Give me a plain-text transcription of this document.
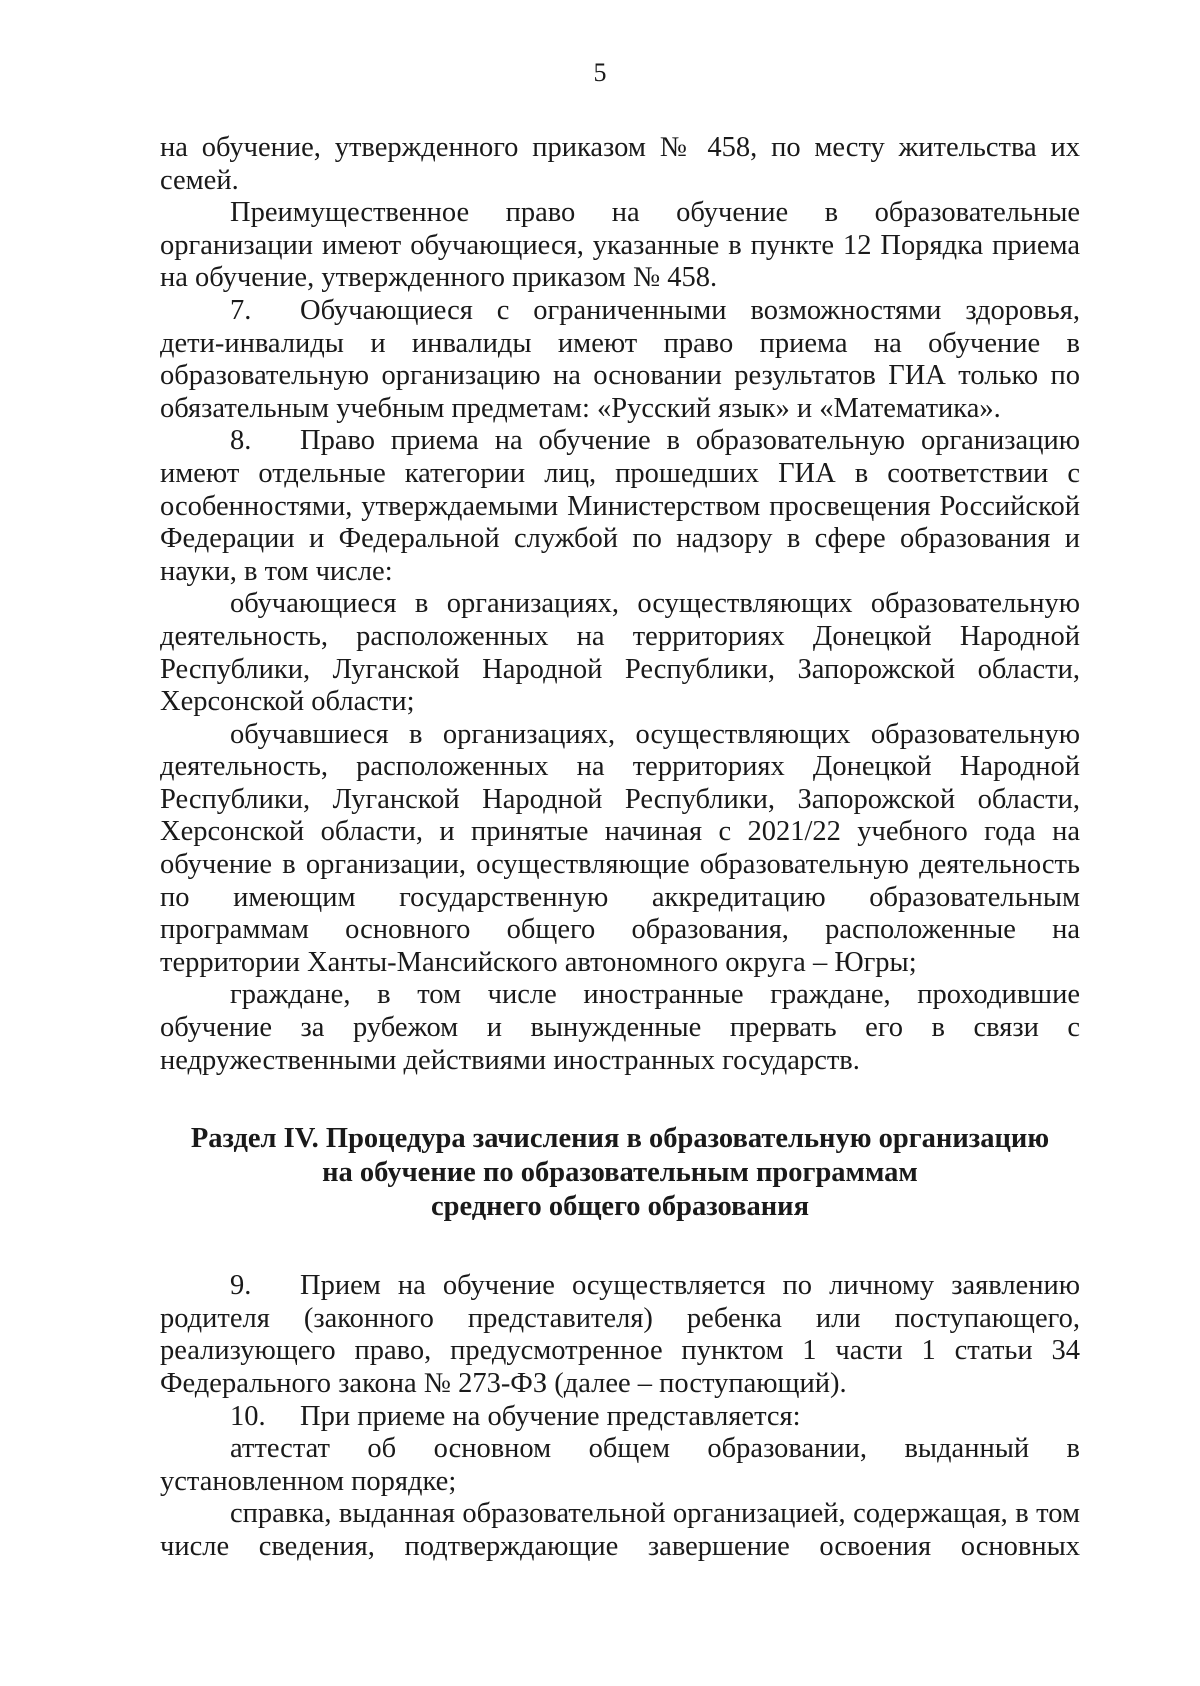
5

на обучение, утвержденного приказом № 458, по месту жительства их семей.

Преимущественное право на обучение в образовательные организации имеют обучающиеся, указанные в пункте 12 Порядка приема на обучение, утвержденного приказом № 458.

7. Обучающиеся с ограниченными возможностями здоровья, дети-инвалиды и инвалиды имеют право приема на обучение в образовательную организацию на основании результатов ГИА только по обязательным учебным предметам: «Русский язык» и «Математика».

8. Право приема на обучение в образовательную организацию имеют отдельные категории лиц, прошедших ГИА в соответствии с особенностями, утверждаемыми Министерством просвещения Российской Федерации и Федеральной службой по надзору в сфере образования и науки, в том числе:

обучающиеся в организациях, осуществляющих образовательную деятельность, расположенных на территориях Донецкой Народной Республики, Луганской Народной Республики, Запорожской области, Херсонской области;

обучавшиеся в организациях, осуществляющих образовательную деятельность, расположенных на территориях Донецкой Народной Республики, Луганской Народной Республики, Запорожской области, Херсонской области, и принятые начиная с 2021/22 учебного года на обучение в организации, осуществляющие образовательную деятельность по имеющим государственную аккредитацию образовательным программам основного общего образования, расположенные на территории Ханты-Мансийского автономного округа – Югры;

граждане, в том числе иностранные граждане, проходившие обучение за рубежом и вынужденные прервать его в связи с недружественными действиями иностранных государств.

Раздел IV. Процедура зачисления в образовательную организацию
на обучение по образовательным программам
среднего общего образования

9. Прием на обучение осуществляется по личному заявлению родителя (законного представителя) ребенка или поступающего, реализующего право, предусмотренное пунктом 1 части 1 статьи 34 Федерального закона № 273-ФЗ (далее – поступающий).

10. При приеме на обучение представляется:

аттестат об основном общем образовании, выданный в установленном порядке;

справка, выданная образовательной организацией, содержащая, в том числе сведения, подтверждающие завершение освоения основных
